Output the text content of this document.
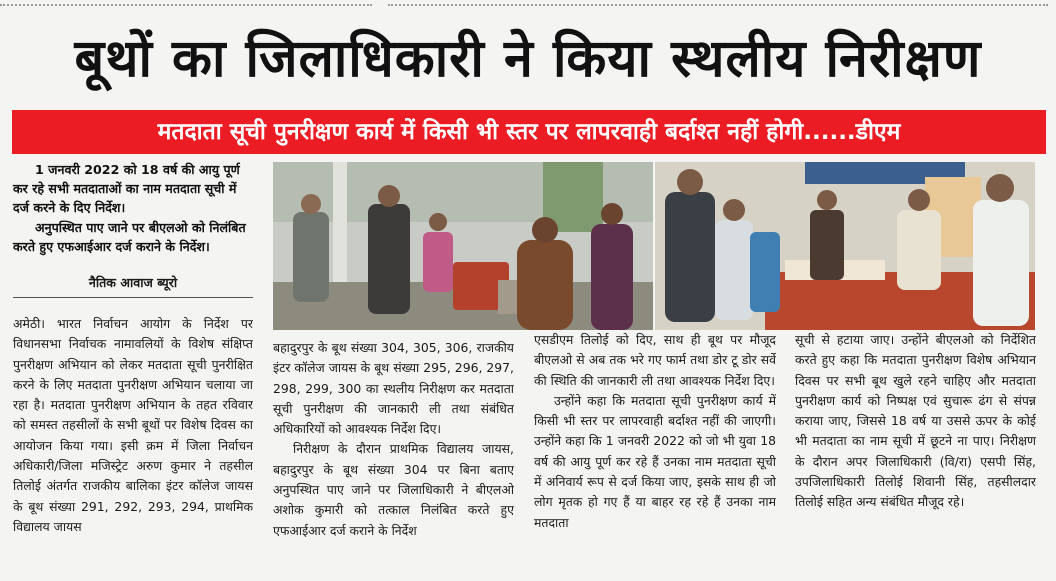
बूथों का जिलाधिकारी ने किया स्थलीय निरीक्षण
मतदाता सूची पुनरीक्षण कार्य में किसी भी स्तर पर लापरवाही बर्दाश्त नहीं होगी......डीएम

1 जनवरी 2022 को 18 वर्ष की आयु पूर्ण कर रहे सभी मतदाताओं का नाम मतदाता सूची में दर्ज करने के दिए निर्देश।

अनुपस्थित पाए जाने पर बीएलओ को निलंबित करते हुए एफआईआर दर्ज कराने के निर्देश।

नैतिक आवाज ब्यूरो

अमेठी। भारत निर्वाचन आयोग के निर्देश पर विधानसभा निर्वाचक नामावलियों के विशेष संक्षिप्त पुनरीक्षण अभियान को लेकर मतदाता सूची पुनरीक्षित करने के लिए मतदाता पुनरीक्षण अभियान चलाया जा रहा है। मतदाता पुनरीक्षण अभियान के तहत रविवार को समस्त तहसीलों के सभी बूथों पर विशेष दिवस का आयोजन किया गया। इसी क्रम में जिला निर्वाचन अधिकारी/जिला मजिस्ट्रेट अरुण कुमार ने तहसील तिलोई अंतर्गत राजकीय बालिका इंटर कॉलेज जायस के बूथ संख्या 291, 292, 293, 294, प्राथमिक विद्यालय जायस

बहादुरपुर के बूथ संख्या 304, 305, 306, राजकीय इंटर कॉलेज जायस के बूथ संख्या 295, 296, 297, 298, 299, 300 का स्थलीय निरीक्षण कर मतदाता सूची पुनरीक्षण की जानकारी ली तथा संबंधित अधिकारियों को आवश्यक निर्देश दिए।

निरीक्षण के दौरान प्राथमिक विद्यालय जायस, बहादुरपुर के बूथ संख्या 304 पर बिना बताए अनुपस्थित पाए जाने पर जिलाधिकारी ने बीएलओ अशोक कुमारी को तत्काल निलंबित करते हुए एफआईआर दर्ज कराने के निर्देश

एसडीएम तिलोई को दिए, साथ ही बूथ पर मौजूद बीएलओ से अब तक भरे गए फार्म तथा डोर टू डोर सर्वे की स्थिति की जानकारी ली तथा आवश्यक निर्देश दिए।

उन्होंने कहा कि मतदाता सूची पुनरीक्षण कार्य में किसी भी स्तर पर लापरवाही बर्दाश्त नहीं की जाएगी। उन्होंने कहा कि 1 जनवरी 2022 को जो भी युवा 18 वर्ष की आयु पूर्ण कर रहे हैं उनका नाम मतदाता सूची में अनिवार्य रूप से दर्ज किया जाए, इसके साथ ही जो लोग मृतक हो गए हैं या बाहर रह रहे हैं उनका नाम मतदाता

सूची से हटाया जाए। उन्होंने बीएलओ को निर्देशित करते हुए कहा कि मतदाता पुनरीक्षण विशेष अभियान दिवस पर सभी बूथ खुले रहने चाहिए और मतदाता पुनरीक्षण कार्य को निष्पक्ष एवं सुचारू ढंग से संपन्न कराया जाए, जिससे 18 वर्ष या उससे ऊपर के कोई भी मतदाता का नाम सूची में छूटने ना पाए। निरीक्षण के दौरान अपर जिलाधिकारी (वि/रा) एसपी सिंह, उपजिलाधिकारी तिलोई शिवानी सिंह, तहसीलदार तिलोई सहित अन्य संबंधित मौजूद रहे।
